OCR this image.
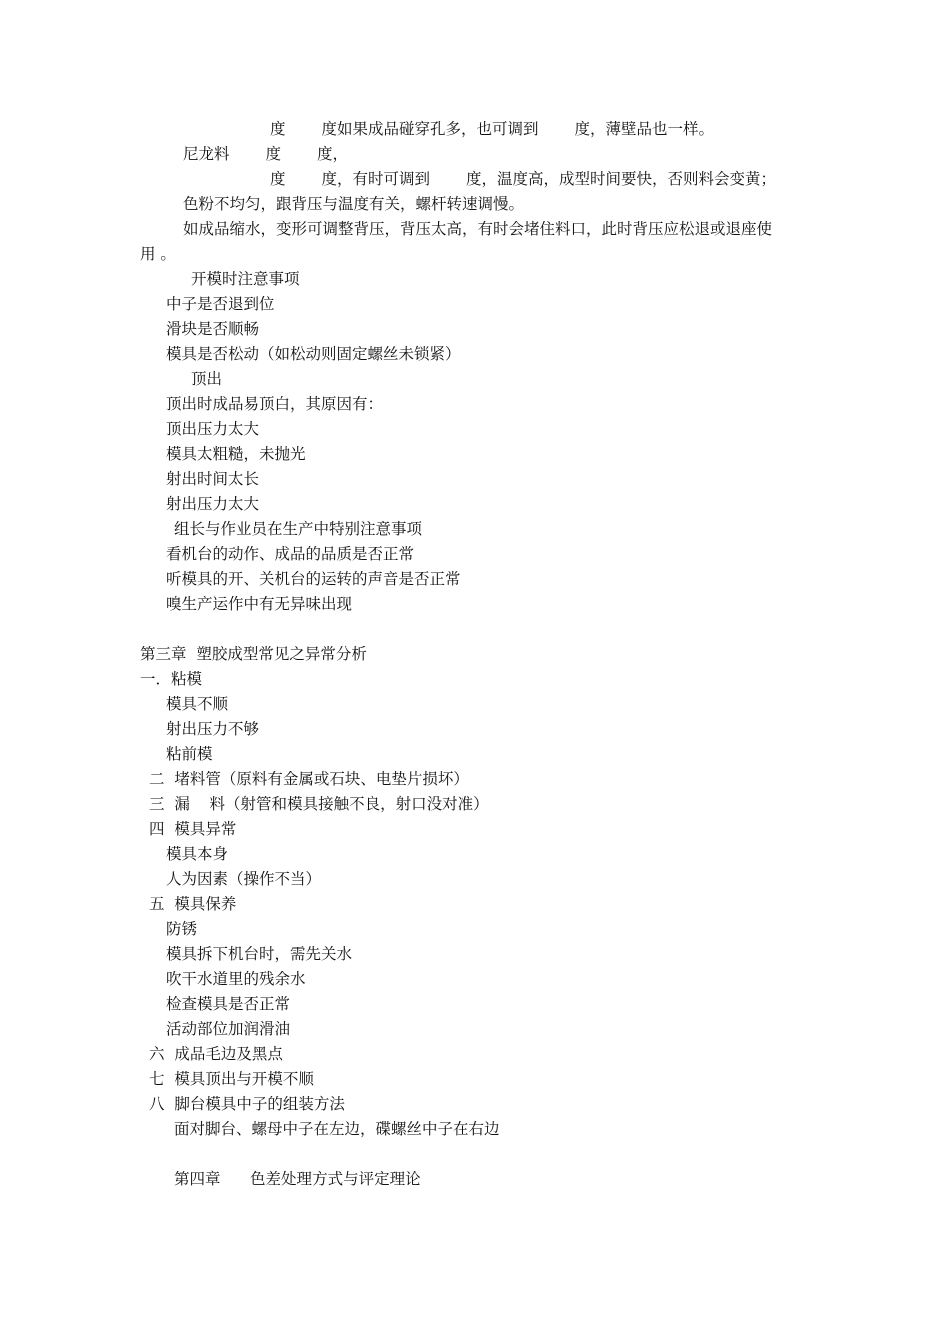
度 度如果成品碰穿孔多，也可调到 度，薄壁品也一样。
尼龙料 度 度，
度 度，有时可调到 度，温度高，成型时间要快，否则料会变黄；
色粉不均匀，跟背压与温度有关，螺杆转速调慢。
如成品缩水，变形可调整背压，背压太高，有时会堵住料口，此时背压应松退或退座使
用 。
开模时注意事项
中子是否退到位
滑块是否顺畅
模具是否松动（如松动则固定螺丝未锁紧）
顶出
顶出时成品易顶白，其原因有：
顶出压力太大
模具太粗糙，未抛光
射出时间太长
射出压力太大
组长与作业员在生产中特别注意事项
看机台的动作、成品的品质是否正常
听模具的开、关机台的运转的声音是否正常
嗅生产运作中有无异味出现
第三章  塑胶成型常见之异常分析
一．粘模
模具不顺
射出压力不够
粘前模
二  堵料管（原料有金属或石块、电垫片损坏）
三  漏    料（射管和模具接触不良，射口没对准）
四  模具异常
模具本身
人为因素（操作不当）
五  模具保养
防锈
模具拆下机台时，需先关水
吹干水道里的残余水
检查模具是否正常
活动部位加润滑油
六  成品毛边及黑点
七  模具顶出与开模不顺
八  脚台模具中子的组装方法
面对脚台、螺母中子在左边，碟螺丝中子在右边
第四章      色差处理方式与评定理论
